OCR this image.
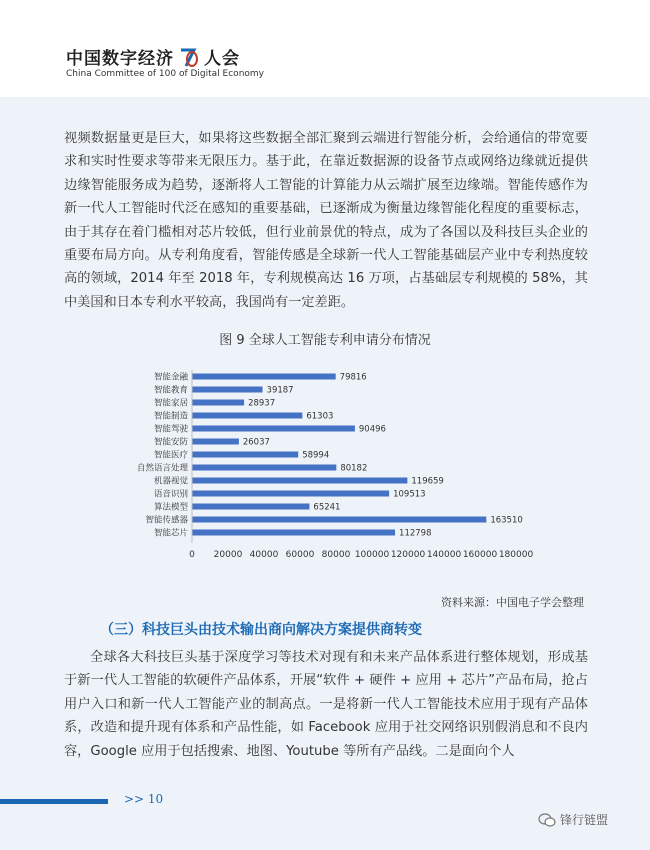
中国数字经济 人会
China Committee of 100 of Digital Economy

视频数据量更是巨大，如果将这些数据全部汇聚到云端进行智能分析，会给通信的带宽要求和实时性要求等带来无限压力。基于此，在靠近数据源的设备节点或网络边缘就近提供边缘智能服务成为趋势，逐渐将人工智能的计算能力从云端扩展至边缘端。智能传感作为新一代人工智能时代泛在感知的重要基础，已逐渐成为衡量边缘智能化程度的重要标志，由于其存在着门槛相对芯片较低，但行业前景优的特点，成为了各国以及科技巨头企业的重要布局方向。从专利角度看，智能传感是全球新一代人工智能基础层产业中专利热度较高的领域，2014 年至 2018 年，专利规模高达 16 万项，占基础层专利规模的 58%，其中美国和日本专利水平较高，我国尚有一定差距。

图 9 全球人工智能专利申请分布情况
智能金融	79816
智能教育	39187
智能家居	28937
智能制造	61303
智能驾驶	90496
智能安防	26037
智能医疗	58994
自然语言处理	80182
机器视觉	119659
语音识别	109513
算法模型	65241
智能传感器	163510
智能芯片	112798
0 20000 40000 60000 80000 100000 120000 140000 160000 180000
资料来源：中国电子学会整理
（三）科技巨头由技术输出商向解决方案提供商转变

全球各大科技巨头基于深度学习等技术对现有和未来产品体系进行整体规划，形成基于新一代人工智能的软硬件产品体系，开展“软件 + 硬件 + 应用 + 芯片”产品布局，抢占用户入口和新一代人工智能产业的制高点。一是将新一代人工智能技术应用于现有产品体系，改造和提升现有体系和产品性能，如 Facebook 应用于社交网络识别假消息和不良内容，Google 应用于包括搜索、地图、Youtube 等所有产品线。二是面向个人

>> 10
锋行链盟
